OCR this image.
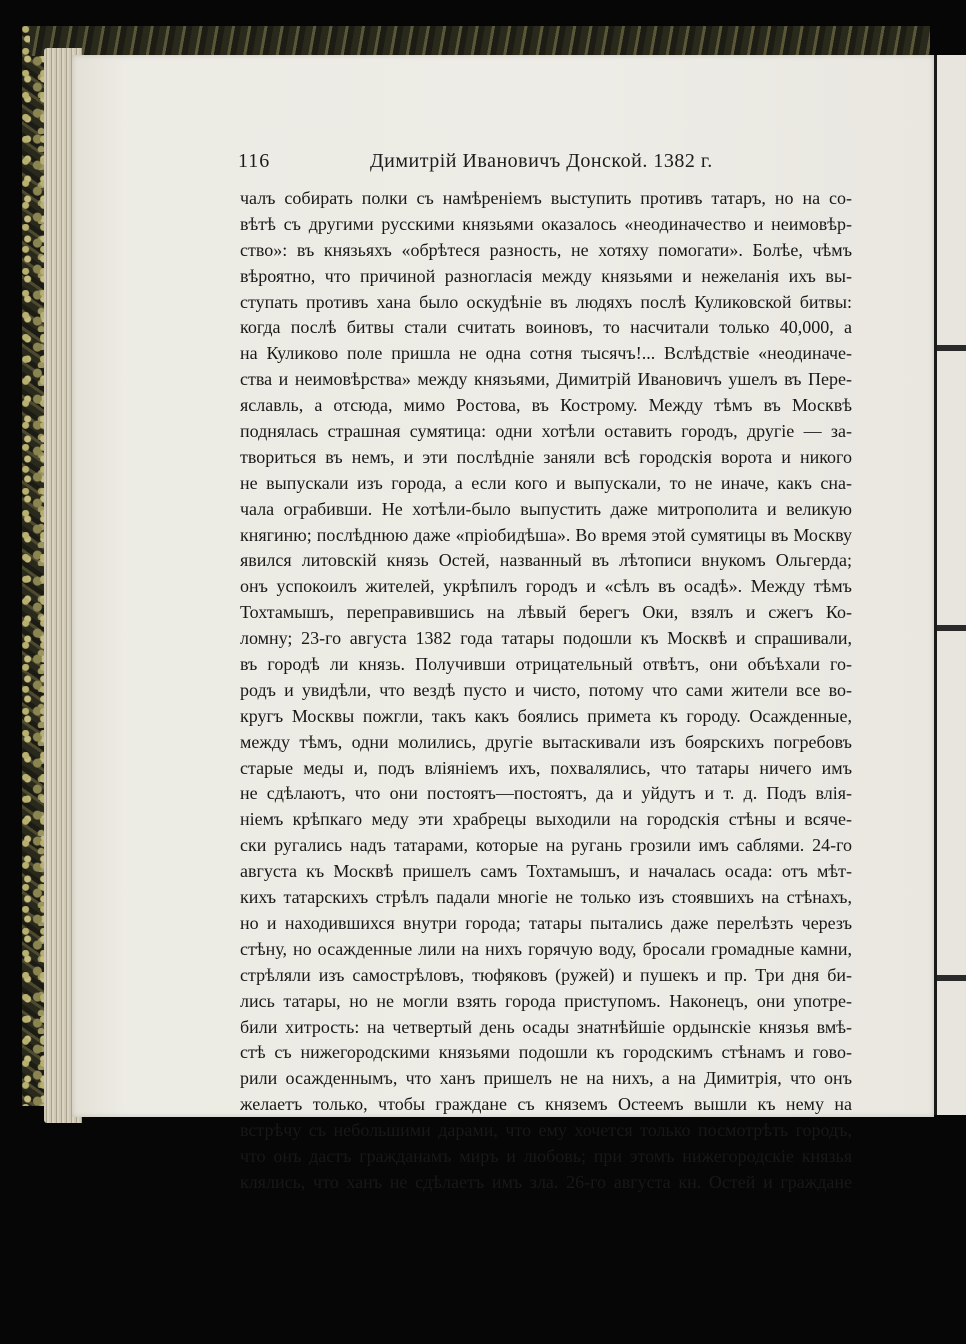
116	Димитрій Ивановичъ Донской. 1382 г.
чалъ собирать полки съ намѣреніемъ выступить противъ татаръ, но на со-
вѣтѣ съ другими русскими князьями оказалось «неодиначество и неимовѣр-
ство»: въ князьяхъ «обрѣтеся разность, не хотяху помогати». Болѣе, чѣмъ
вѣроятно, что причиной разногласія между князьями и нежеланія ихъ вы-
ступать противъ хана было оскудѣніе въ людяхъ послѣ Куликовской битвы:
когда послѣ битвы стали считать воиновъ, то насчитали только 40,000, а
на Куликово поле пришла не одна сотня тысячъ!... Вслѣдствіе «неодиначе-
ства и неимовѣрства» между князьями, Димитрій Ивановичъ ушелъ въ Пере-
яславль, а отсюда, мимо Ростова, въ Кострому. Между тѣмъ въ Москвѣ
поднялась страшная сумятица: одни хотѣли оставить городъ, другіе — за-
твориться въ немъ, и эти послѣдніе заняли всѣ городскія ворота и никого
не выпускали изъ города, а если кого и выпускали, то не иначе, какъ сна-
чала ограбивши. Не хотѣли-было выпустить даже митрополита и великую
княгиню; послѣднюю даже «пріобидѣша». Во время этой сумятицы въ Москву
явился литовскій князь Остей, названный въ лѣтописи внукомъ Ольгерда;
онъ успокоилъ жителей, укрѣпилъ городъ и «сѣлъ въ осадѣ». Между тѣмъ
Тохтамышъ, переправившись на лѣвый берегъ Оки, взялъ и сжегъ Ко-
ломну; 23-го августа 1382 года татары подошли къ Москвѣ и спрашивали,
въ городѣ ли князь. Получивши отрицательный отвѣтъ, они объѣхали го-
родъ и увидѣли, что вездѣ пусто и чисто, потому что сами жители все во-
кругъ Москвы пожгли, такъ какъ боялись примета къ городу. Осажденные,
между тѣмъ, одни молились, другіе вытаскивали изъ боярскихъ погребовъ
старые меды и, подъ вліяніемъ ихъ, похвалялись, что татары ничего имъ
не сдѣлаютъ, что они постоятъ—постоятъ, да и уйдутъ и т. д. Подъ влія-
ніемъ крѣпкаго меду эти храбрецы выходили на городскія стѣны и всяче-
ски ругались надъ татарами, которые на ругань грозили имъ саблями. 24-го
августа къ Москвѣ пришелъ самъ Тохтамышъ, и началась осада: отъ мѣт-
кихъ татарскихъ стрѣлъ падали многіе не только изъ стоявшихъ на стѣнахъ,
но и находившихся внутри города; татары пытались даже перелѣзть черезъ
стѣну, но осажденные лили на нихъ горячую воду, бросали громадные камни,
стрѣляли изъ самострѣловъ, тюфяковъ (ружей) и пушекъ и пр. Три дня би-
лись татары, но не могли взять города приступомъ. Наконецъ, они употре-
били хитрость: на четвертый день осады знатнѣйшіе ордынскіе князья вмѣ-
стѣ съ нижегородскими князьями подошли къ городскимъ стѣнамъ и гово-
рили осажденнымъ, что ханъ пришелъ не на нихъ, а на Димитрія, что онъ
желаетъ только, чтобы граждане съ княземъ Остеемъ вышли къ нему на
встрѣчу съ небольшими дарами, что ему хочется только посмотрѣть городъ,
что онъ дастъ гражданамъ миръ и любовь; при этомъ нижегородскіе князья
клялись, что ханъ не сдѣлаетъ имъ зла. 26-го августа кн. Остей и граждане
